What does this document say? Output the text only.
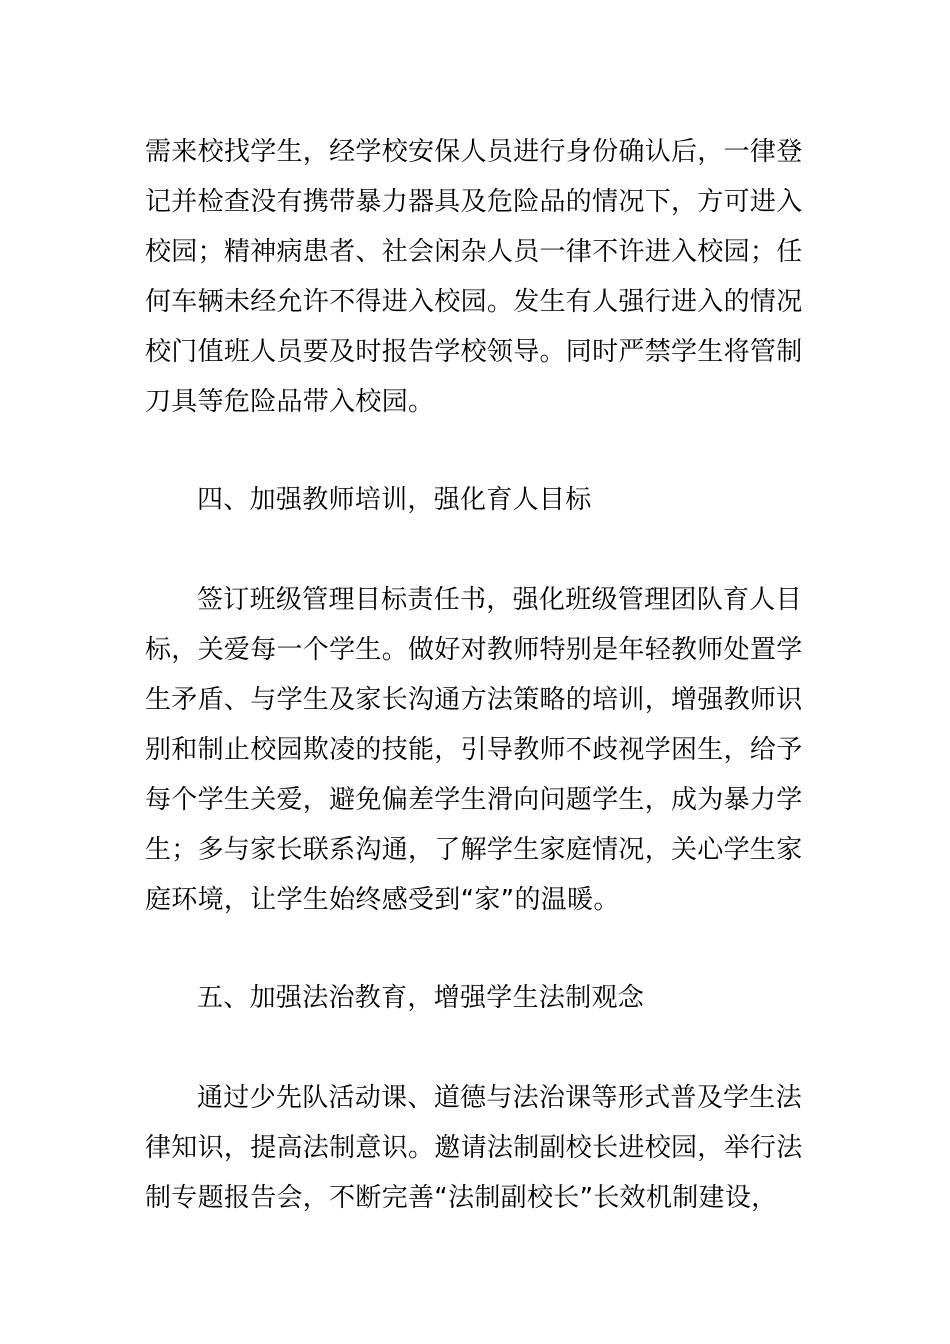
需来校找学生，经学校安保人员进行身份确认后，一律登
记并检查没有携带暴力器具及危险品的情况下，方可进入
校园；精神病患者、社会闲杂人员一律不许进入校园；任
何车辆未经允许不得进入校园。发生有人强行进入的情况
校门值班人员要及时报告学校领导。同时严禁学生将管制
刀具等危险品带入校园。
四、加强教师培训，强化育人目标
签订班级管理目标责任书，强化班级管理团队育人目
标，关爱每一个学生。做好对教师特别是年轻教师处置学
生矛盾、与学生及家长沟通方法策略的培训，增强教师识
别和制止校园欺凌的技能，引导教师不歧视学困生，给予
每个学生关爱，避免偏差学生滑向问题学生，成为暴力学
生；多与家长联系沟通，了解学生家庭情况，关心学生家
庭环境，让学生始终感受到“家”的温暖。
五、加强法治教育，增强学生法制观念
通过少先队活动课、道德与法治课等形式普及学生法
律知识，提高法制意识。邀请法制副校长进校园，举行法
制专题报告会，不断完善“法制副校长”长效机制建设，
